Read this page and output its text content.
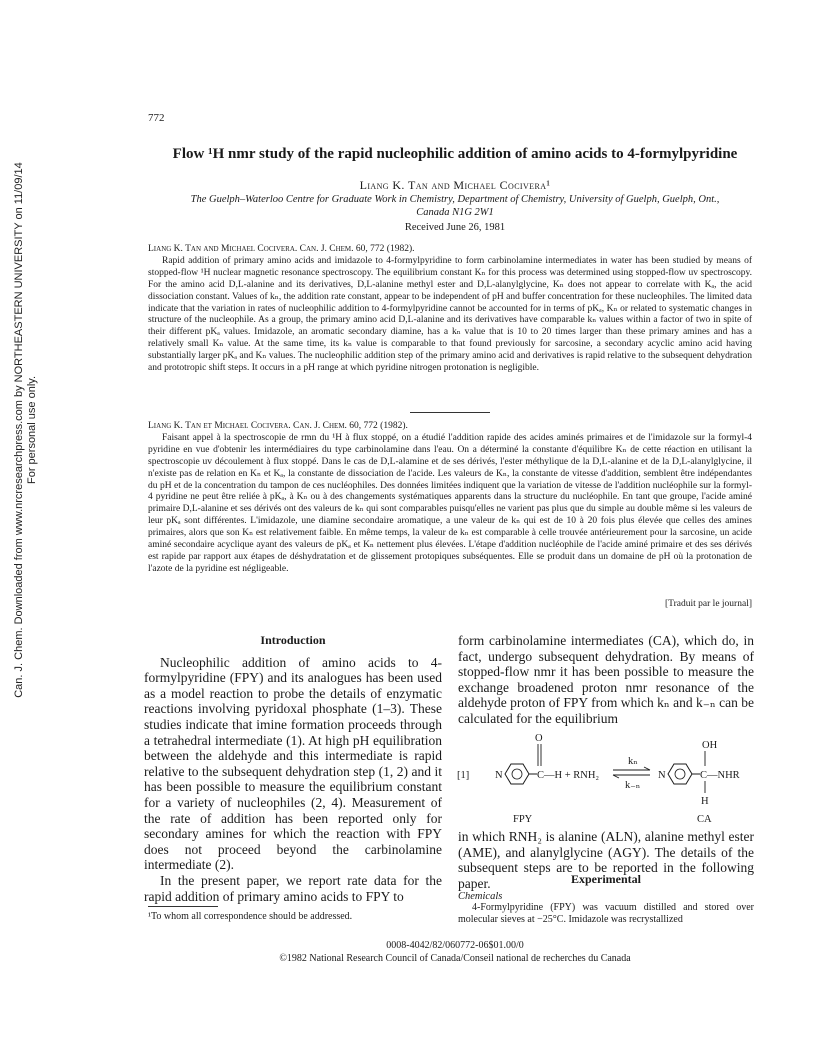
Can. J. Chem. Downloaded from www.nrcresearchpress.com by NORTHEASTERN UNIVERSITY on 11/09/14 For personal use only.
772
Flow ¹H nmr study of the rapid nucleophilic addition of amino acids to 4-formylpyridine
Liang K. Tan and Michael Cocivera¹
The Guelph–Waterloo Centre for Graduate Work in Chemistry, Department of Chemistry, University of Guelph, Guelph, Ont., Canada N1G 2W1
Received June 26, 1981

Liang K. Tan and Michael Cocivera. Can. J. Chem. 60, 772 (1982).

Rapid addition of primary amino acids and imidazole to 4-formylpyridine to form carbinolamine intermediates in water has been studied by means of stopped-flow ¹H nuclear magnetic resonance spectroscopy. The equilibrium constant Kₙ for this process was determined using stopped-flow uv spectroscopy. For the amino acid D,L-alanine and its derivatives, D,L-alanine methyl ester and D,L-alanylglycine, Kₙ does not appear to correlate with Kₐ, the acid dissociation constant. Values of kₙ, the addition rate constant, appear to be independent of pH and buffer concentration for these nucleophiles. The limited data indicate that the variation in rates of nucleophilic addition to 4-formylpyridine cannot be accounted for in terms of pKₐ, Kₙ or related to systematic changes in structure of the nucleophile. As a group, the primary amino acid D,L-alanine and its derivatives have comparable kₙ values within a factor of two in spite of their different pKₐ values. Imidazole, an aromatic secondary diamine, has a kₙ value that is 10 to 20 times larger than these primary amines and has a relatively small Kₙ value. At the same time, its kₙ value is comparable to that found previously for sarcosine, a secondary acyclic amino acid having substantially larger pKₐ and Kₙ values. The nucleophilic addition step of the primary amino acid and derivatives is rapid relative to the subsequent dehydration and prototropic shift steps. It occurs in a pH range at which pyridine nitrogen protonation is negligible.

Liang K. Tan et Michael Cocivera. Can. J. Chem. 60, 772 (1982).

Faisant appel à la spectroscopie de rmn du ¹H à flux stoppé, on a étudié l'addition rapide des acides aminés primaires et de l'imidazole sur la formyl-4 pyridine en vue d'obtenir les intermédiaires du type carbinolamine dans l'eau. On a déterminé la constante d'équilibre Kₙ de cette réaction en utilisant la spectroscopie uv découlement à flux stoppé. Dans le cas de D,L-alamine et de ses dérivés, l'ester méthylique de la D,L-alanine et de la D,L-alanylglycine, il n'existe pas de relation en Kₙ et Kₐ, la constante de dissociation de l'acide. Les valeurs de Kₙ, la constante de vitesse d'addition, semblent être indépendantes du pH et de la concentration du tampon de ces nucléophiles. Des données limitées indiquent que la variation de vitesse de l'addition nucléophile sur la formyl-4 pyridine ne peut être reliée à pKₐ, à Kₙ ou à des changements systématiques apparents dans la structure du nucléophile. En tant que groupe, l'acide aminé primaire D,L-alanine et ses dérivés ont des valeurs de kₙ qui sont comparables puisqu'elles ne varient pas plus que du simple au double même si les valeurs de leur pKₐ sont différentes. L'imidazole, une diamine secondaire aromatique, a une valeur de kₙ qui est de 10 à 20 fois plus élevée que celles des amines primaires, alors que son Kₙ est relativement faible. En même temps, la valeur de kₙ est comparable à celle trouvée antérieurement pour la sarcosine, un acide aminé secondaire acyclique ayant des valeurs de pKₐ et Kₙ nettement plus élevées. L'étape d'addition nucléophile de l'acide aminé primaire et des ses dérivés est rapide par rapport aux étapes de déshydratation et de glissement protopiques subséquentes. Elle se produit dans un domaine de pH où la protonation de l'azote de la pyridine est négligeable.

[Traduit par le journal]
Introduction

Nucleophilic addition of amino acids to 4-formylpyridine (FPY) and its analogues has been used as a model reaction to probe the details of enzymatic reactions involving pyridoxal phosphate (1–3). These studies indicate that imine formation proceeds through a tetrahedral intermediate (1). At high pH equilibration between the aldehyde and this intermediate is rapid relative to the subsequent dehydration step (1, 2) and it has been possible to measure the equilibrium constant for a variety of nucleophiles (2, 4). Measurement of the rate of addition has been reported only for secondary amines for which the reaction with FPY does not proceed beyond the carbinolamine intermediate (2).

In the present paper, we report rate data for the rapid addition of primary amino acids to FPY to

form carbinolamine intermediates (CA), which do, in fact, undergo subsequent dehydration. By means of stopped-flow nmr it has been possible to measure the exchange broadened proton nmr resonance of the aldehyde proton of FPY from which kₙ and k₋ₙ can be calculated for the equilibrium

[1] N
O
C—H + RNH₂
kₙ
k₋ₙ
N
OH
C—NHR
H
FPY	CA

in which RNH₂ is alanine (ALN), alanine methyl ester (AME), and alanylglycine (AGY). The details of the subsequent steps are to be reported in the following paper.	Experimental
Chemicals
4-Formylpyridine (FPY) was vacuum distilled and stored over molecular sieves at −25°C. Imidazole was recrystallized
¹To whom all correspondence should be addressed.
0008-4042/82/060772-06$01.00/0
©1982 National Research Council of Canada/Conseil national de recherches du Canada
